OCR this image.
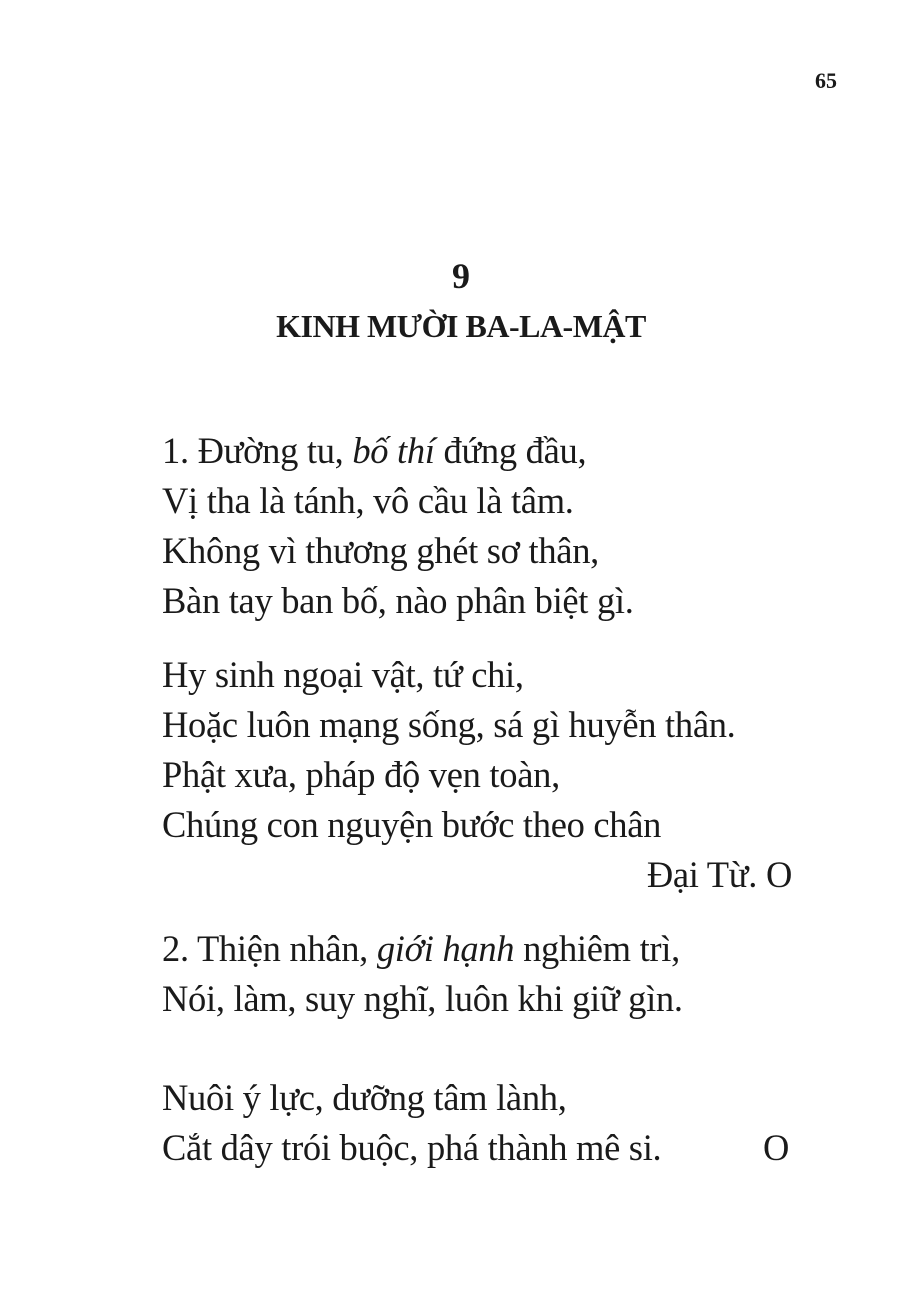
65
9
KINH MƯỜI BA-LA-MẬT
1. Đường tu, bố thí đứng đầu,
Vị tha là tánh, vô cầu là tâm.
Không vì thương ghét sơ thân,
Bàn tay ban bố, nào phân biệt gì.
Hy sinh ngoại vật, tứ chi,
Hoặc luôn mạng sống, sá gì huyễn thân.
Phật xưa, pháp độ vẹn toàn,
Chúng con nguyện bước theo chân
Đại Từ. O
2. Thiện nhân, giới hạnh nghiêm trì,
Nói, làm, suy nghĩ, luôn khi giữ gìn.
Nuôi ý lực, dưỡng tâm lành,
Cắt dây trói buộc, phá thành mê si.	O
